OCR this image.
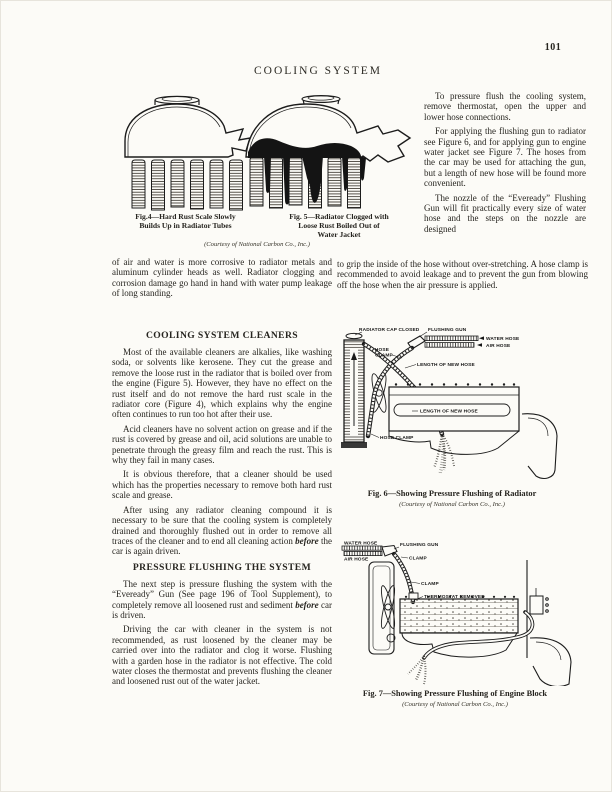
101
COOLING SYSTEM
Fig.4—Hard Rust Scale Slowly
Builds Up in Radiator Tubes
Fig. 5—Radiator Clogged with
Loose Rust Boiled Out of
Water Jacket
(Courtesy of National Carbon Co., Inc.)

To pressure flush the cooling system, remove thermostat, open the upper and lower hose connections.

For applying the flushing gun to radiator see Figure 6, and for applying gun to engine water jacket see Figure 7. The hoses from the car may be used for attaching the gun, but a length of new hose will be found more convenient.

The nozzle of the “Eveready” Flushing Gun will fit practically every size of water hose and the steps on the nozzle are designed

of air and water is more corrosive to radiator metals and aluminum cylinder heads as well. Radiator clogging and corrosion damage go hand in hand with water pump leakage of long standing.

to grip the inside of the hose without over-stretching. A hose clamp is recommended to avoid leakage and to prevent the gun from blowing off the hose when the air pressure is applied.

COOLING SYSTEM CLEANERS

Most of the available cleaners are alkalies, like washing soda, or solvents like kerosene. They cut the grease and remove the loose rust in the radiator that is boiled over from the engine (Figure 5). However, they have no effect on the rust itself and do not remove the hard rust scale in the radiator core (Figure 4), which explains why the engine often continues to run too hot after their use.

Acid cleaners have no solvent action on grease and if the rust is covered by grease and oil, acid solutions are unable to penetrate through the greasy film and reach the rust. This is why they fail in many cases.

It is obvious therefore, that a cleaner should be used which has the properties necessary to remove both hard rust scale and grease.

After using any radiator cleaning compound it is necessary to be sure that the cooling system is completely drained and thoroughly flushed out in order to remove all traces of the cleaner and to end all cleaning action before the car is again driven.

PRESSURE FLUSHING THE SYSTEM

The next step is pressure flushing the system with the “Eveready” Gun (See page 196 of Tool Supplement), to completely remove all loosened rust and sediment before car is driven.

Driving the car with cleaner in the system is not recommended, as rust loosened by the cleaner may be carried over into the radiator and clog it worse. Flushing with a garden hose in the radiator is not effective. The cold water closes the thermostat and prevents flushing the cleaner and loosened rust out of the water jacket.

RADIATOR CAP CLOSED FLUSHING GUN
WATER HOSE
AIR HOSE
HOSE
CLAMP
LENGTH OF NEW HOSE
LENGTH OF NEW HOSE
HOSE CLAMP
Fig. 6—Showing Pressure Flushing of Radiator
(Courtesy of National Carbon Co., Inc.)
WATER HOSE
AIR HOSE
FLUSHING GUN
CLAMP
CLAMP
THERMOSTAT REMOVED
Fig. 7—Showing Pressure Flushing of Engine Block
(Courtesy of National Carbon Co., Inc.)
